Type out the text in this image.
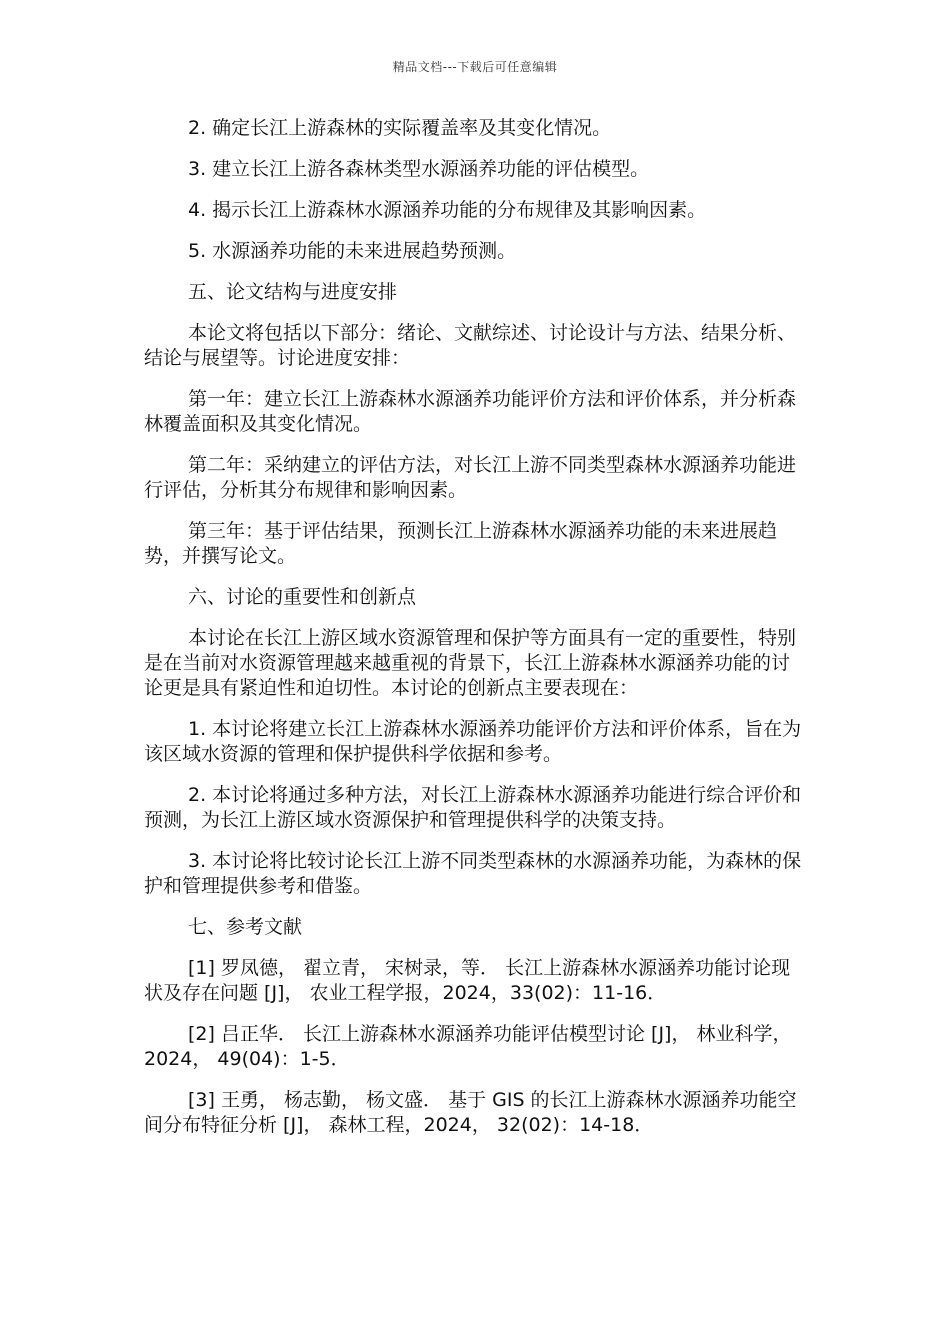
精品文档---下载后可任意编辑

2. 确定长江上游森林的实际覆盖率及其变化情况。

3. 建立长江上游各森林类型水源涵养功能的评估模型。

4. 揭示长江上游森林水源涵养功能的分布规律及其影响因素。

5. 水源涵养功能的未来进展趋势预测。

五、论文结构与进度安排

本论文将包括以下部分：绪论、文献综述、讨论设计与方法、结果分析、结论与展望等。讨论进度安排：

第一年：建立长江上游森林水源涵养功能评价方法和评价体系，并分析森林覆盖面积及其变化情况。

第二年：采纳建立的评估方法，对长江上游不同类型森林水源涵养功能进行评估，分析其分布规律和影响因素。

第三年：基于评估结果，预测长江上游森林水源涵养功能的未来进展趋势，并撰写论文。

六、讨论的重要性和创新点

本讨论在长江上游区域水资源管理和保护等方面具有一定的重要性，特别是在当前对水资源管理越来越重视的背景下，长江上游森林水源涵养功能的讨论更是具有紧迫性和迫切性。本讨论的创新点主要表现在：

1. 本讨论将建立长江上游森林水源涵养功能评价方法和评价体系，旨在为该区域水资源的管理和保护提供科学依据和参考。

2. 本讨论将通过多种方法，对长江上游森林水源涵养功能进行综合评价和预测，为长江上游区域水资源保护和管理提供科学的决策支持。

3. 本讨论将比较讨论长江上游不同类型森林的水源涵养功能，为森林的保护和管理提供参考和借鉴。

七、参考文献

[1] 罗凤德， 翟立青， 宋树录，等． 长江上游森林水源涵养功能讨论现状及存在问题 [J]， 农业工程学报，2024，33(02)：11-16．

[2] 吕正华． 长江上游森林水源涵养功能评估模型讨论 [J]， 林业科学，2024， 49(04)：1-5．

[3] 王勇， 杨志勤， 杨文盛． 基于 GIS 的长江上游森林水源涵养功能空间分布特征分析 [J]， 森林工程，2024， 32(02)：14-18．
